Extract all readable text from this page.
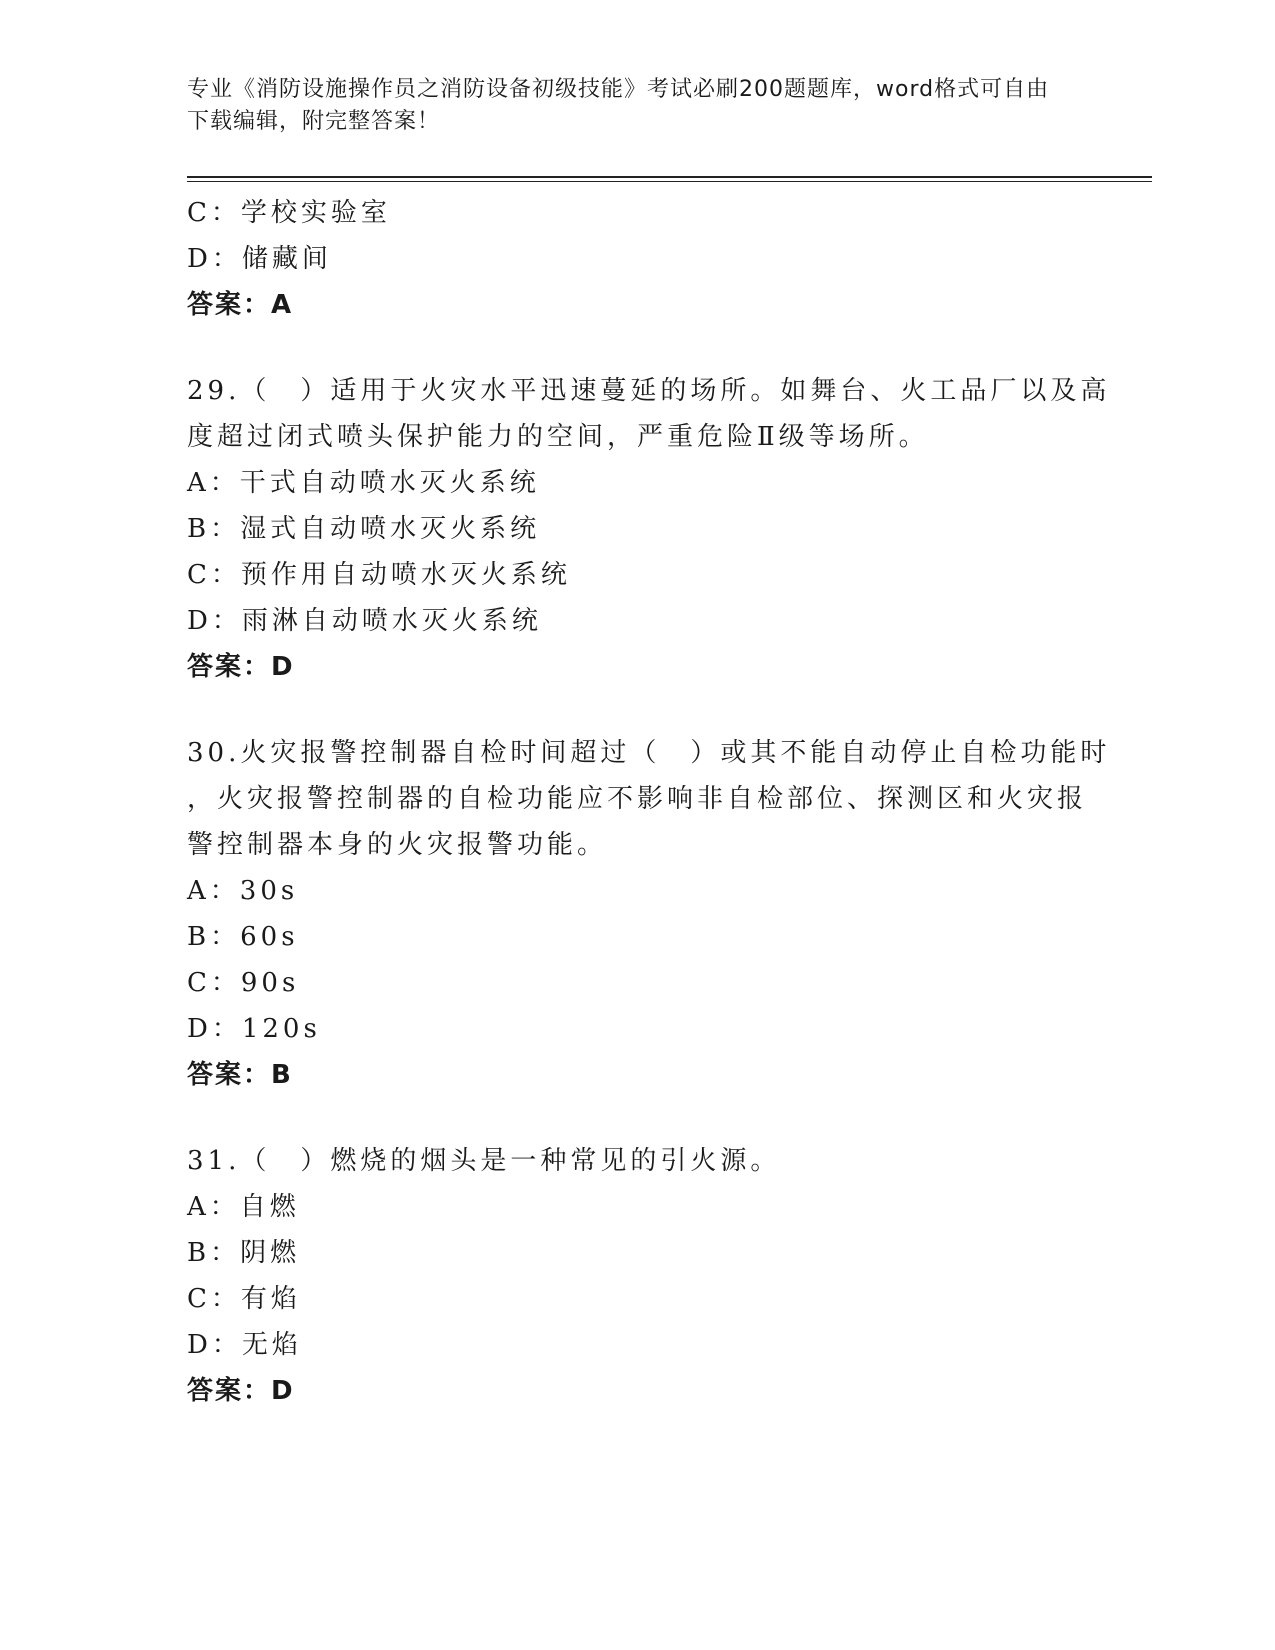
专业《消防设施操作员之消防设备初级技能》考试必刷200题题库，word格式可自由下载编辑，附完整答案！
C：学校实验室
D：储藏间
答案：A
29.（　）适用于火灾水平迅速蔓延的场所。如舞台、火工品厂以及高
度超过闭式喷头保护能力的空间，严重危险Ⅱ级等场所。
A：干式自动喷水灭火系统
B：湿式自动喷水灭火系统
C：预作用自动喷水灭火系统
D：雨淋自动喷水灭火系统
答案：D
30.火灾报警控制器自检时间超过（　）或其不能自动停止自检功能时
，火灾报警控制器的自检功能应不影响非自检部位、探测区和火灾报
警控制器本身的火灾报警功能。
A：30s
B：60s
C：90s
D：120s
答案：B
31.（　）燃烧的烟头是一种常见的引火源。
A：自燃
B：阴燃
C：有焰
D：无焰
答案：D
